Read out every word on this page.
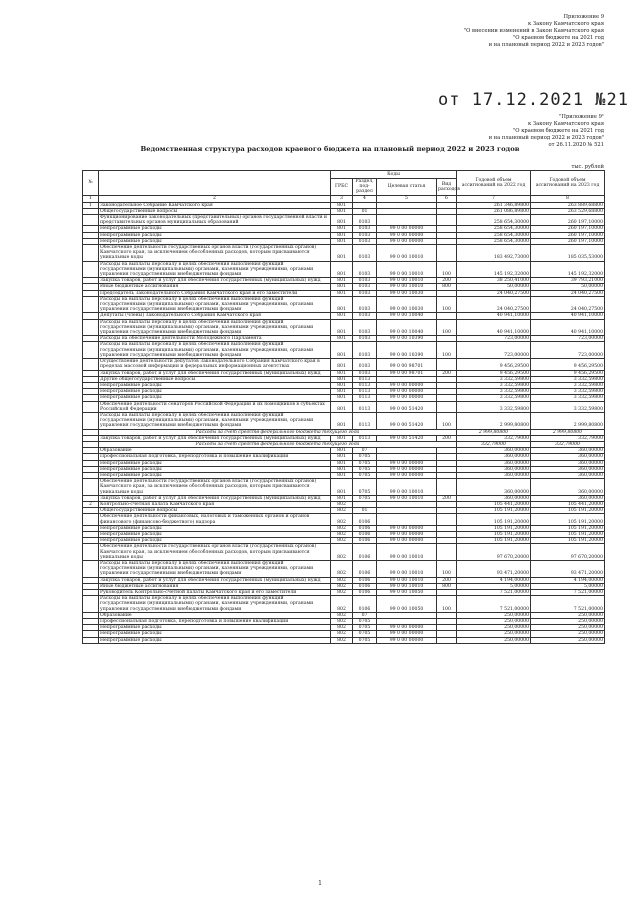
Приложение 9
к Закону Камчатского края
"О внесении изменений в Закон Камчатского края
"О краевом бюджете на 2021 год
и на плановый период 2022 и 2023 годов"
от 17.12.2021 №21
"Приложение 9¹
к Закону Камчатского края
"О краевом бюджете на 2021 год
и на плановый период 2022 и 2023 годов"
от 26.11.2020 № 521
Ведомственная структура расходов краевого бюджета на плановый период 2022 и 2023 годов
тыс. рублей
№		Коды				Годовой объем ассигнований на 2022 год	Годовой объем ассигнований на 2023 год
		ГРБС	Раздел, под-раздел	Целевая статья	Вид расходов		
1	2	3	4	5	6	7	8
1	Законодательное Собрание Камчатского края	801				261 346,89800	263 889,68800
	Общегосударственные вопросы	801	01			261 086,89800	263 529,68800
	Функционирование законодательных (представительных) органов государственной власти и представительных органов муниципальных образований	801	0103			258 654,30000	260 197,10000
	Непрограммные расходы	801	0103	99 0 00 00000		258 654,30000	260 197,10000
	Непрограммные расходы	801	0103	99 0 00 00000		258 654,30000	260 197,10000
	Непрограммные расходы	801	0103	99 0 00 00000		258 654,30000	260 197,10000
	Обеспечение деятельности государственных органов власти (государственных органов) Камчатского края, за исключением обособленных расходов, которым присваиваются уникальные коды	801	0103	99 0 00 10010		183 492,73000	185 035,53000
	Расходы на выплаты персоналу в целях обеспечения выполнения функций государственными (муниципальными) органами, казенными учреждениями, органами управления государственными внебюджетными фондами	801	0103	99 0 00 10010	100	145 192,32000	145 192,32000
	Закупка товаров, работ и услуг для обеспечения государственных (муниципальных) нужд	801	0103	99 0 00 10010	200	38 250,41000	39 793,21000
	Иные бюджетные ассигнования	801	0103	99 0 00 10010	800	50,00000	50,00000
	Председатель Законодательного Собрания Камчатского края и его заместители	801	0103	99 0 00 10030		24 040,27500	24 040,27500
	Расходы на выплаты персоналу в целях обеспечения выполнения функций государственными (муниципальными) органами, казенными учреждениями, органами управления государственными внебюджетными фондами	801	0103	99 0 00 10030	100	24 040,27500	24 040,27500
	Депутаты (члены) Законодательного Собрания Камчатского края	801	0103	99 0 00 10040		40 941,10000	40 941,10000
	Расходы на выплаты персоналу в целях обеспечения выполнения функций государственными (муниципальными) органами, казенными учреждениями, органами управления государственными внебюджетными фондами	801	0103	99 0 00 10040	100	40 941,10000	40 941,10000
	Расходы на обеспечение деятельности Молодежного Парламента	801	0103	99 0 00 10390		723,00000	723,00000
	Расходы на выплаты персоналу в целях обеспечения выполнения функций государственными (муниципальными) органами, казенными учреждениями, органами управления государственными внебюджетными фондами	801	0103	99 0 00 10390	100	723,00000	723,00000
	Осуществление деятельности депутатов Законодательного Собрания Камчатского края в пределах массовой информации и федеральных информационных агентствах	801	0103	99 0 00 98701		9 456,29500	9 456,29500
	Закупка товаров, работ и услуг для обеспечения государственных (муниципальных) нужд	801	0103	99 0 00 98701	200	9 456,29500	9 456,29500
	Другие общегосударственные вопросы	801	0113			3 332,59800	3 332,59800
	Непрограммные расходы	801	0113	99 0 00 00000		3 332,59800	3 332,59800
	Непрограммные расходы	801	0113	99 0 00 00000		3 332,59800	3 332,59800
	Непрограммные расходы	801	0113	99 0 00 00000		3 332,59800	3 332,59800
	Обеспечение деятельности сенаторов Российской Федерации и их помощников в субъектах Российской Федерации	801	0113	99 0 00 51420		3 332,59800	3 332,59800
	Расходы на выплаты персоналу в целях обеспечения выполнения функций государственными (муниципальными) органами, казенными учреждениями, органами управления государственными внебюджетными фондами	801	0113	99 0 00 51420	100	2 999,80800	2 999,80800
	Расходы за счет средств федерального бюджета текущего года					2 999,80800	2 999,80800
	Закупка товаров, работ и услуг для обеспечения государственных (муниципальных) нужд	801	0113	99 0 00 51420	200	332,79000	332,79000
	Расходы за счет средств федерального бюджета текущего года					332,79000	332,79000
	Образование	801	07			360,00000	360,00000
	Профессиональная подготовка, переподготовка и повышение квалификации	801	0705			360,00000	360,00000
	Непрограммные расходы	801	0705	99 0 00 00000		360,00000	360,00000
	Непрограммные расходы	801	0705	99 0 00 00000		360,00000	360,00000
	Непрограммные расходы	801	0705	99 0 00 00000		360,00000	360,00000
	Обеспечение деятельности государственных органов власти (государственных органов) Камчатского края, за исключением обособленных расходов, которым присваиваются уникальные коды	801	0705	99 0 00 10010		360,00000	360,00000
	Закупка товаров, работ и услуг для обеспечения государственных (муниципальных) нужд	801	0705	99 0 00 10010	200	360,00000	360,00000
2	Контрольно-счетная палата Камчатского края	802				105 441,20000	105 441,20000
	Общегосударственные вопросы	802	01			105 191,20000	105 191,20000
	Обеспечение деятельности финансовых, налоговых и таможенных органов и органов финансового (финансово-бюджетного) надзора	802	0106			105 191,20000	105 191,20000
	Непрограммные расходы	802	0106	99 0 00 00000		105 191,20000	105 191,20000
	Непрограммные расходы	802	0106	99 0 00 00000		105 191,20000	105 191,20000
	Непрограммные расходы	802	0106	99 0 00 00000		105 191,20000	105 191,20000
	Обеспечение деятельности государственных органов власти (государственных органов) Камчатского края, за исключением обособленных расходов, которым присваиваются уникальные коды	802	0106	99 0 00 10010		97 670,20000	97 670,20000
	Расходы на выплаты персоналу в целях обеспечения выполнения функций государственными (муниципальными) органами, казенными учреждениями, органами управления государственными внебюджетными фондами	802	0106	99 0 00 10010	100	93 471,20000	93 471,20000
	Закупка товаров, работ и услуг для обеспечения государственных (муниципальных) нужд	802	0106	99 0 00 10010	200	4 194,00000	4 194,00000
	Иные бюджетные ассигнования	802	0106	99 0 00 10010	800	5,00000	5,00000
	Руководитель Контрольно-счетной палаты Камчатского края и его заместители	802	0106	99 0 00 10050		7 521,00000	7 521,00000
	Расходы на выплаты персоналу в целях обеспечения выполнения функций государственными (муниципальными) органами, казенными учреждениями, органами управления государственными внебюджетными фондами	802	0106	99 0 00 10050	100	7 521,00000	7 521,00000
	Образование	802	07			250,00000	250,00000
	Профессиональная подготовка, переподготовка и повышение квалификации	802	0705			250,00000	250,00000
	Непрограммные расходы	802	0705	99 0 00 00000		250,00000	250,00000
	Непрограммные расходы	802	0705	99 0 00 00000		250,00000	250,00000
	Непрограммные расходы	802	0705	99 0 00 00000		250,00000	250,00000
1
